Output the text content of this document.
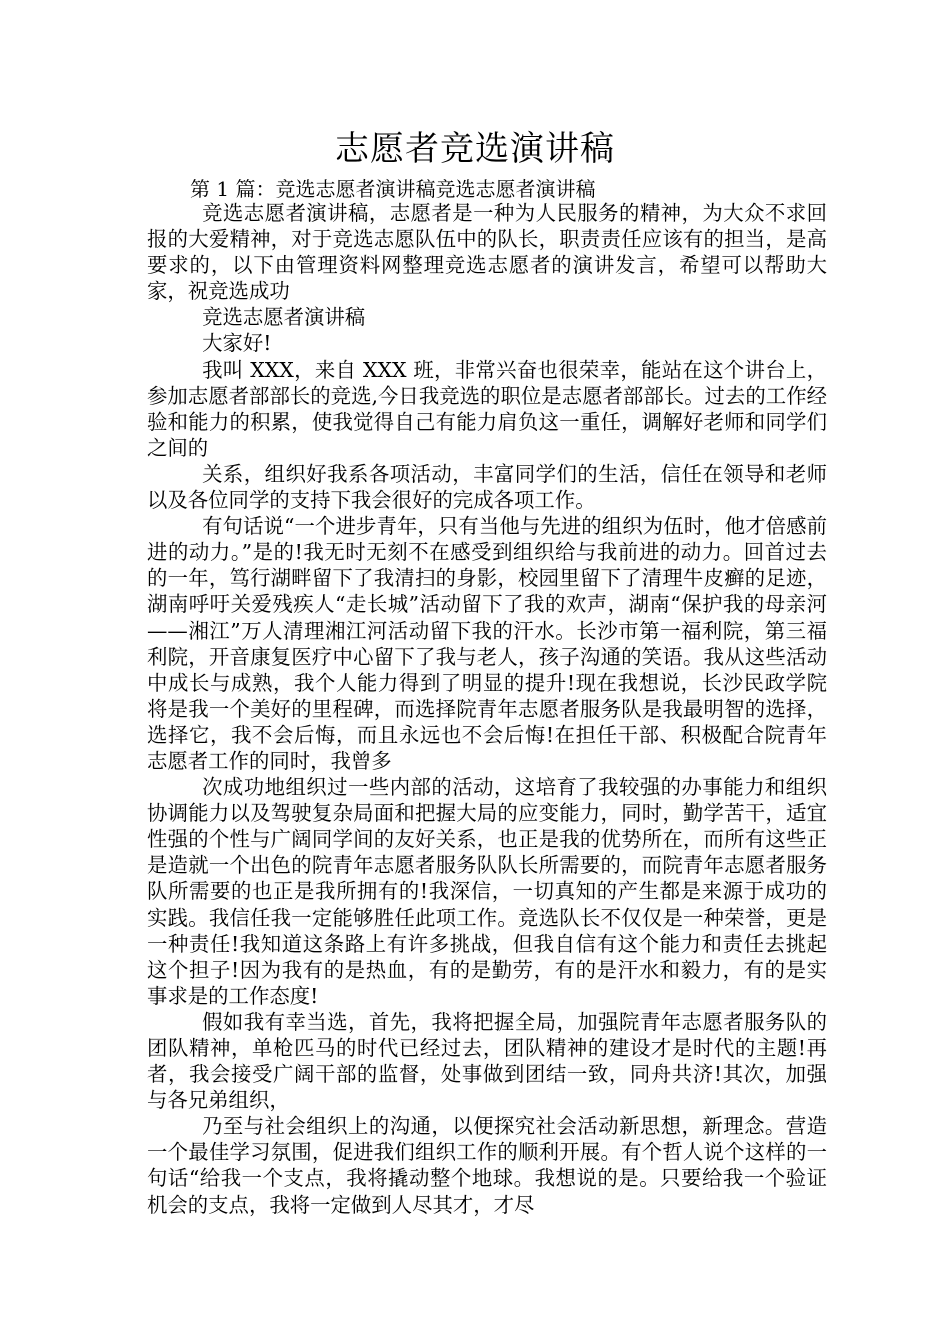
志愿者竞选演讲稿
第 1 篇：竞选志愿者演讲稿竞选志愿者演讲稿

竞选志愿者演讲稿，志愿者是一种为人民服务的精神，为大众不求回报的大爱精神，对于竞选志愿队伍中的队长，职责责任应该有的担当，是高要求的，以下由管理资料网整理竞选志愿者的演讲发言，希望可以帮助大家，祝竞选成功

竞选志愿者演讲稿

大家好!

我叫 XXX，来自 XXX 班，非常兴奋也很荣幸，能站在这个讲台上，参加志愿者部部长的竞选,今日我竞选的职位是志愿者部部长。过去的工作经验和能力的积累，使我觉得自己有能力肩负这一重任，调解好老师和同学们之间的

关系，组织好我系各项活动，丰富同学们的生活，信任在领导和老师以及各位同学的支持下我会很好的完成各项工作。

有句话说“一个进步青年，只有当他与先进的组织为伍时，他才倍感前进的动力。”是的!我无时无刻不在感受到组织给与我前进的动力。回首过去的一年，笃行湖畔留下了我清扫的身影，校园里留下了清理牛皮癣的足迹，湖南呼吁关爱残疾人“走长城”活动留下了我的欢声，湖南“保护我的母亲河——湘江”万人清理湘江河活动留下我的汗水。长沙市第一福利院，第三福利院，开音康复医疗中心留下了我与老人，孩子沟通的笑语。我从这些活动中成长与成熟，我个人能力得到了明显的提升!现在我想说，长沙民政学院将是我一个美好的里程碑，而选择院青年志愿者服务队是我最明智的选择，选择它，我不会后悔，而且永远也不会后悔!在担任干部、积极配合院青年志愿者工作的同时，我曾多

次成功地组织过一些内部的活动，这培育了我较强的办事能力和组织协调能力以及驾驶复杂局面和把握大局的应变能力，同时，勤学苦干，适宜性强的个性与广阔同学间的友好关系，也正是我的优势所在，而所有这些正是造就一个出色的院青年志愿者服务队队长所需要的，而院青年志愿者服务队所需要的也正是我所拥有的!我深信，一切真知的产生都是来源于成功的实践。我信任我一定能够胜任此项工作。竞选队长不仅仅是一种荣誉，更是一种责任!我知道这条路上有许多挑战，但我自信有这个能力和责任去挑起这个担子!因为我有的是热血，有的是勤劳，有的是汗水和毅力，有的是实事求是的工作态度!

假如我有幸当选，首先，我将把握全局，加强院青年志愿者服务队的团队精神，单枪匹马的时代已经过去，团队精神的建设才是时代的主题!再者，我会接受广阔干部的监督，处事做到团结一致，同舟共济!其次，加强与各兄弟组织，

乃至与社会组织上的沟通，以便探究社会活动新思想，新理念。营造一个最佳学习氛围，促进我们组织工作的顺利开展。有个哲人说个这样的一句话“给我一个支点，我将撬动整个地球。我想说的是。只要给我一个验证机会的支点，我将一定做到人尽其才，才尽
